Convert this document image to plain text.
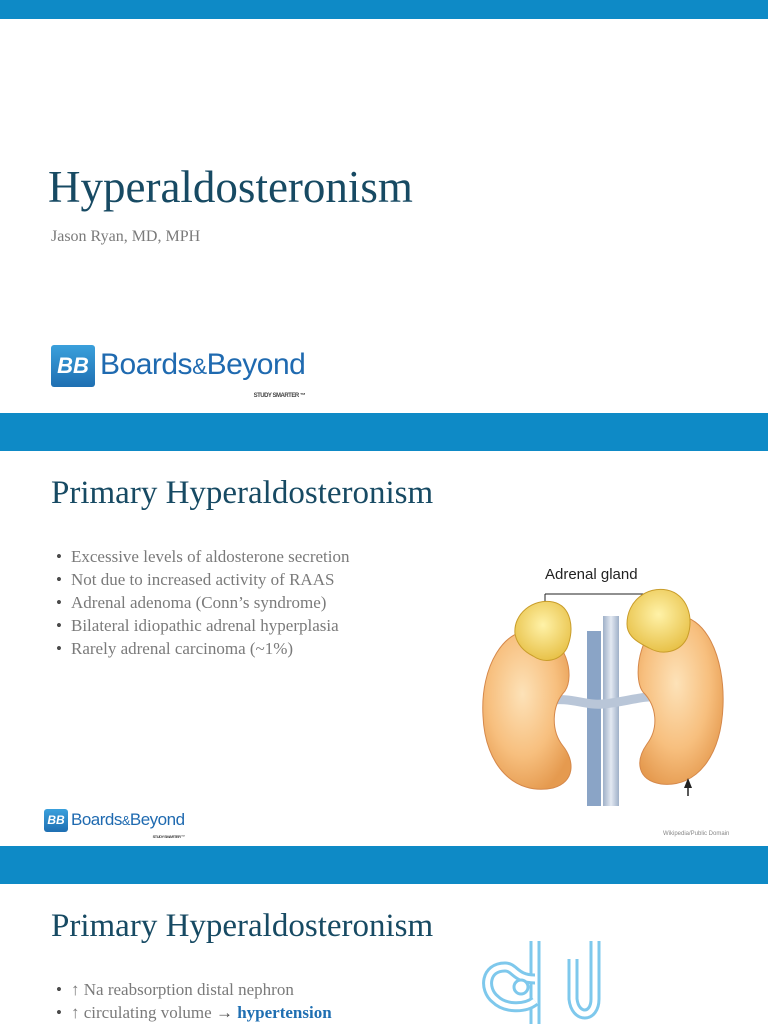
Hyperaldosteronism
Jason Ryan, MD, MPH
BB Boards&Beyond
STUDY SMARTER ™
Primary Hyperaldosteronism
• Excessive levels of aldosterone secretion
• Not due to increased activity of RAAS
• Adrenal adenoma (Conn’s syndrome)
• Bilateral idiopathic adrenal hyperplasia
• Rarely adrenal carcinoma (~1%)
Adrenal gland
BB Boards&Beyond
STUDY SMARTER ™	Wikipedia/Public Domain
Primary Hyperaldosteronism
• ↑ Na reabsorption distal nephron
• ↑ circulating volume → hypertension
